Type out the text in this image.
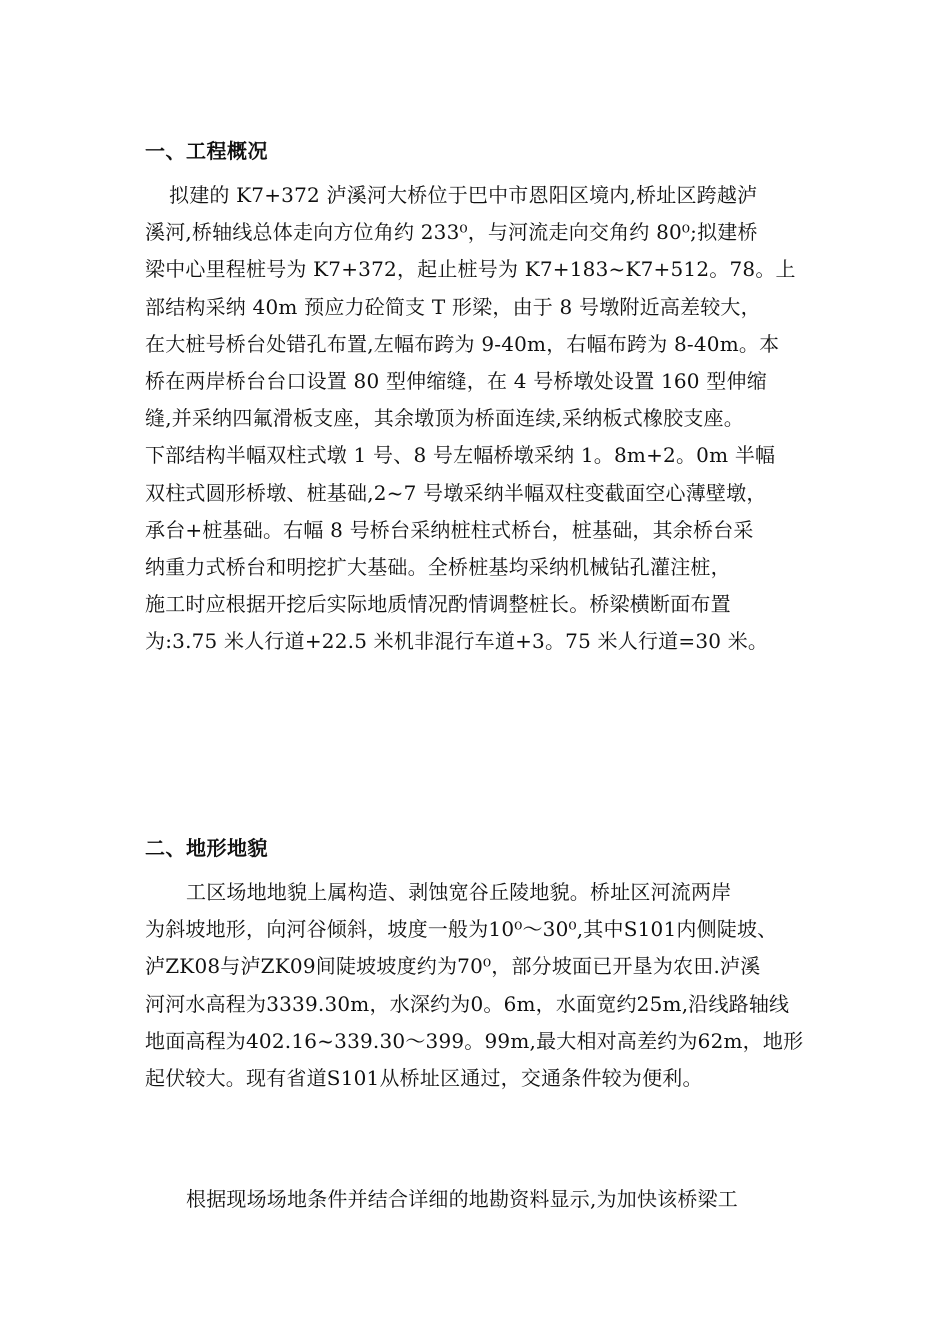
一、工程概况
拟建的 K7+372 泸溪河大桥位于巴中市恩阳区境内,桥址区跨越泸
溪河,桥轴线总体走向方位角约 233⁰，与河流走向交角约 80⁰;拟建桥
梁中心里程桩号为 K7+372，起止桩号为 K7+183~K7+512。78。上
部结构采纳 40m 预应力砼简支 T 形梁，由于 8 号墩附近高差较大，
在大桩号桥台处错孔布置,左幅布跨为 9-40m，右幅布跨为 8-40m。本
桥在两岸桥台台口设置 80 型伸缩缝，在 4 号桥墩处设置 160 型伸缩
缝,并采纳四氟滑板支座，其余墩顶为桥面连续,采纳板式橡胶支座。
下部结构半幅双柱式墩 1 号、8 号左幅桥墩采纳 1。8m+2。0m 半幅
双柱式圆形桥墩、桩基础,2~7 号墩采纳半幅双柱变截面空心薄壁墩，
承台+桩基础。右幅 8 号桥台采纳桩柱式桥台，桩基础，其余桥台采
纳重力式桥台和明挖扩大基础。全桥桩基均采纳机械钻孔灌注桩，
施工时应根据开挖后实际地质情况酌情调整桩长。桥梁横断面布置
为:3.75 米人行道+22.5 米机非混行车道+3。75 米人行道=30 米。
二、地形地貌
工区场地地貌上属构造、剥蚀宽谷丘陵地貌。桥址区河流两岸
为斜坡地形，向河谷倾斜，坡度一般为10⁰～30⁰,其中S101内侧陡坡、
泸ZK08与泸ZK09间陡坡坡度约为70⁰，部分坡面已开垦为农田.泸溪
河河水高程为3339.30m，水深约为0。6m，水面宽约25m,沿线路轴线
地面高程为402.16~339.30～399。99m,最大相对高差约为62m，地形
起伏较大。现有省道S101从桥址区通过，交通条件较为便利。
根据现场场地条件并结合详细的地勘资料显示,为加快该桥梁工
